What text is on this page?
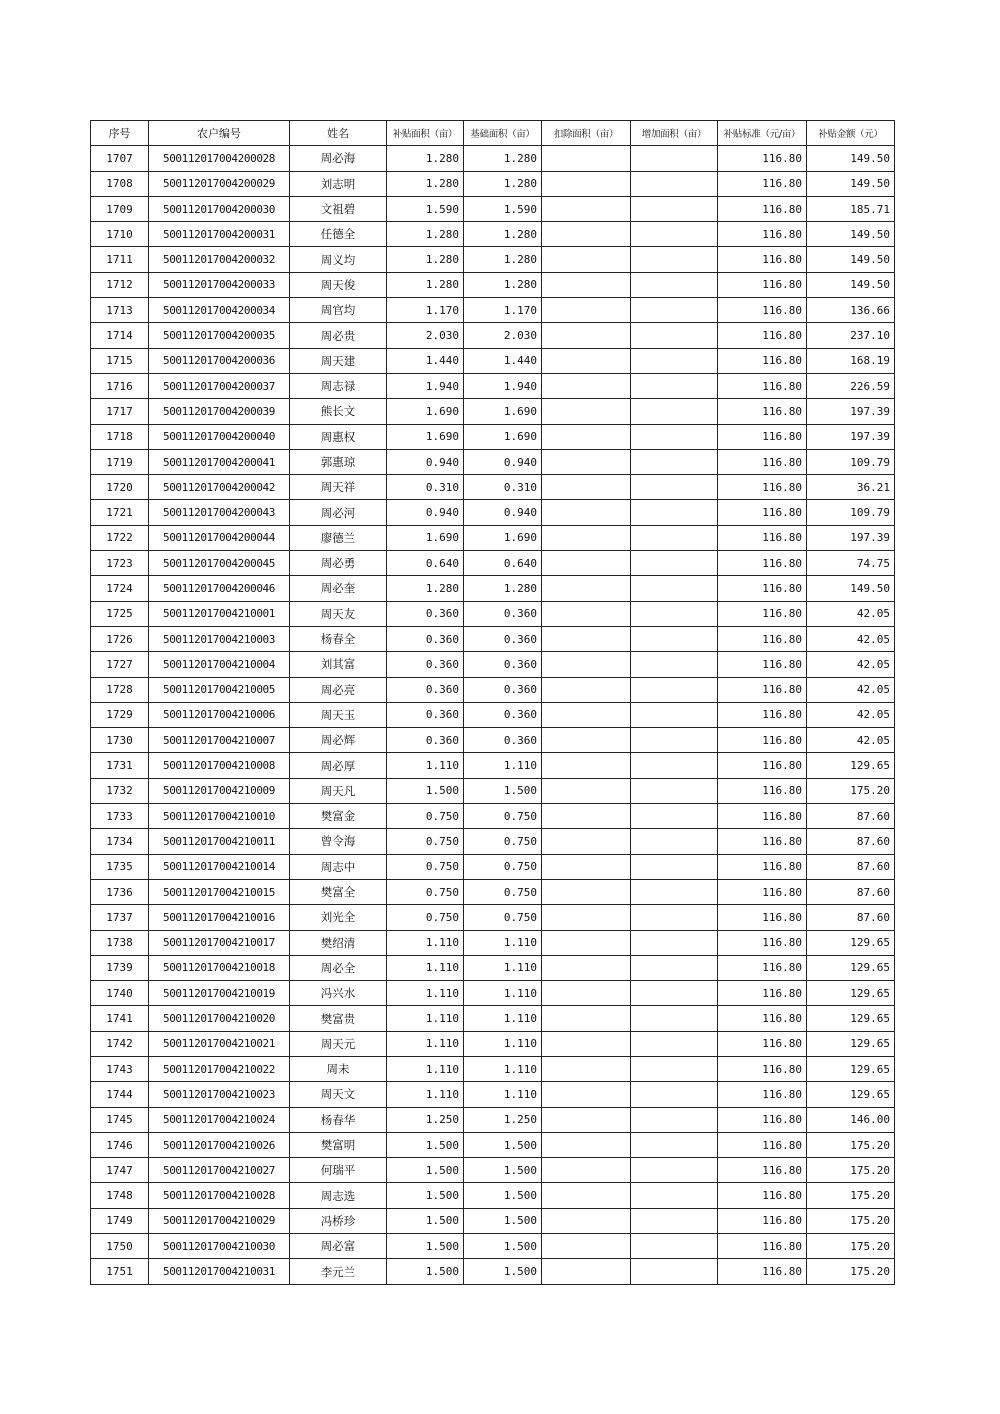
序号	农户编号	姓名	补贴面积（亩）	基础面积（亩）	扣除面积（亩）	增加面积（亩）	补贴标准（元/亩）	补贴金额（元）
1707	500112017004200028	周必海	1.280	1.280			116.80	149.50
1708	500112017004200029	刘志明	1.280	1.280			116.80	149.50
1709	500112017004200030	文祖碧	1.590	1.590			116.80	185.71
1710	500112017004200031	任德全	1.280	1.280			116.80	149.50
1711	500112017004200032	周义均	1.280	1.280			116.80	149.50
1712	500112017004200033	周天俊	1.280	1.280			116.80	149.50
1713	500112017004200034	周官均	1.170	1.170			116.80	136.66
1714	500112017004200035	周必贵	2.030	2.030			116.80	237.10
1715	500112017004200036	周天建	1.440	1.440			116.80	168.19
1716	500112017004200037	周志禄	1.940	1.940			116.80	226.59
1717	500112017004200039	熊长文	1.690	1.690			116.80	197.39
1718	500112017004200040	周惠权	1.690	1.690			116.80	197.39
1719	500112017004200041	郭惠琼	0.940	0.940			116.80	109.79
1720	500112017004200042	周天祥	0.310	0.310			116.80	36.21
1721	500112017004200043	周必河	0.940	0.940			116.80	109.79
1722	500112017004200044	廖德兰	1.690	1.690			116.80	197.39
1723	500112017004200045	周必勇	0.640	0.640			116.80	74.75
1724	500112017004200046	周必奎	1.280	1.280			116.80	149.50
1725	500112017004210001	周天友	0.360	0.360			116.80	42.05
1726	500112017004210003	杨春全	0.360	0.360			116.80	42.05
1727	500112017004210004	刘其富	0.360	0.360			116.80	42.05
1728	500112017004210005	周必亮	0.360	0.360			116.80	42.05
1729	500112017004210006	周天玉	0.360	0.360			116.80	42.05
1730	500112017004210007	周必辉	0.360	0.360			116.80	42.05
1731	500112017004210008	周必厚	1.110	1.110			116.80	129.65
1732	500112017004210009	周天凡	1.500	1.500			116.80	175.20
1733	500112017004210010	樊富金	0.750	0.750			116.80	87.60
1734	500112017004210011	曾令海	0.750	0.750			116.80	87.60
1735	500112017004210014	周志中	0.750	0.750			116.80	87.60
1736	500112017004210015	樊富全	0.750	0.750			116.80	87.60
1737	500112017004210016	刘光全	0.750	0.750			116.80	87.60
1738	500112017004210017	樊绍清	1.110	1.110			116.80	129.65
1739	500112017004210018	周必全	1.110	1.110			116.80	129.65
1740	500112017004210019	冯兴水	1.110	1.110			116.80	129.65
1741	500112017004210020	樊富贵	1.110	1.110			116.80	129.65
1742	500112017004210021	周天元	1.110	1.110			116.80	129.65
1743	500112017004210022	周未	1.110	1.110			116.80	129.65
1744	500112017004210023	周天文	1.110	1.110			116.80	129.65
1745	500112017004210024	杨春华	1.250	1.250			116.80	146.00
1746	500112017004210026	樊富明	1.500	1.500			116.80	175.20
1747	500112017004210027	何瑞平	1.500	1.500			116.80	175.20
1748	500112017004210028	周志选	1.500	1.500			116.80	175.20
1749	500112017004210029	冯桥珍	1.500	1.500			116.80	175.20
1750	500112017004210030	周必富	1.500	1.500			116.80	175.20
1751	500112017004210031	李元兰	1.500	1.500			116.80	175.20
